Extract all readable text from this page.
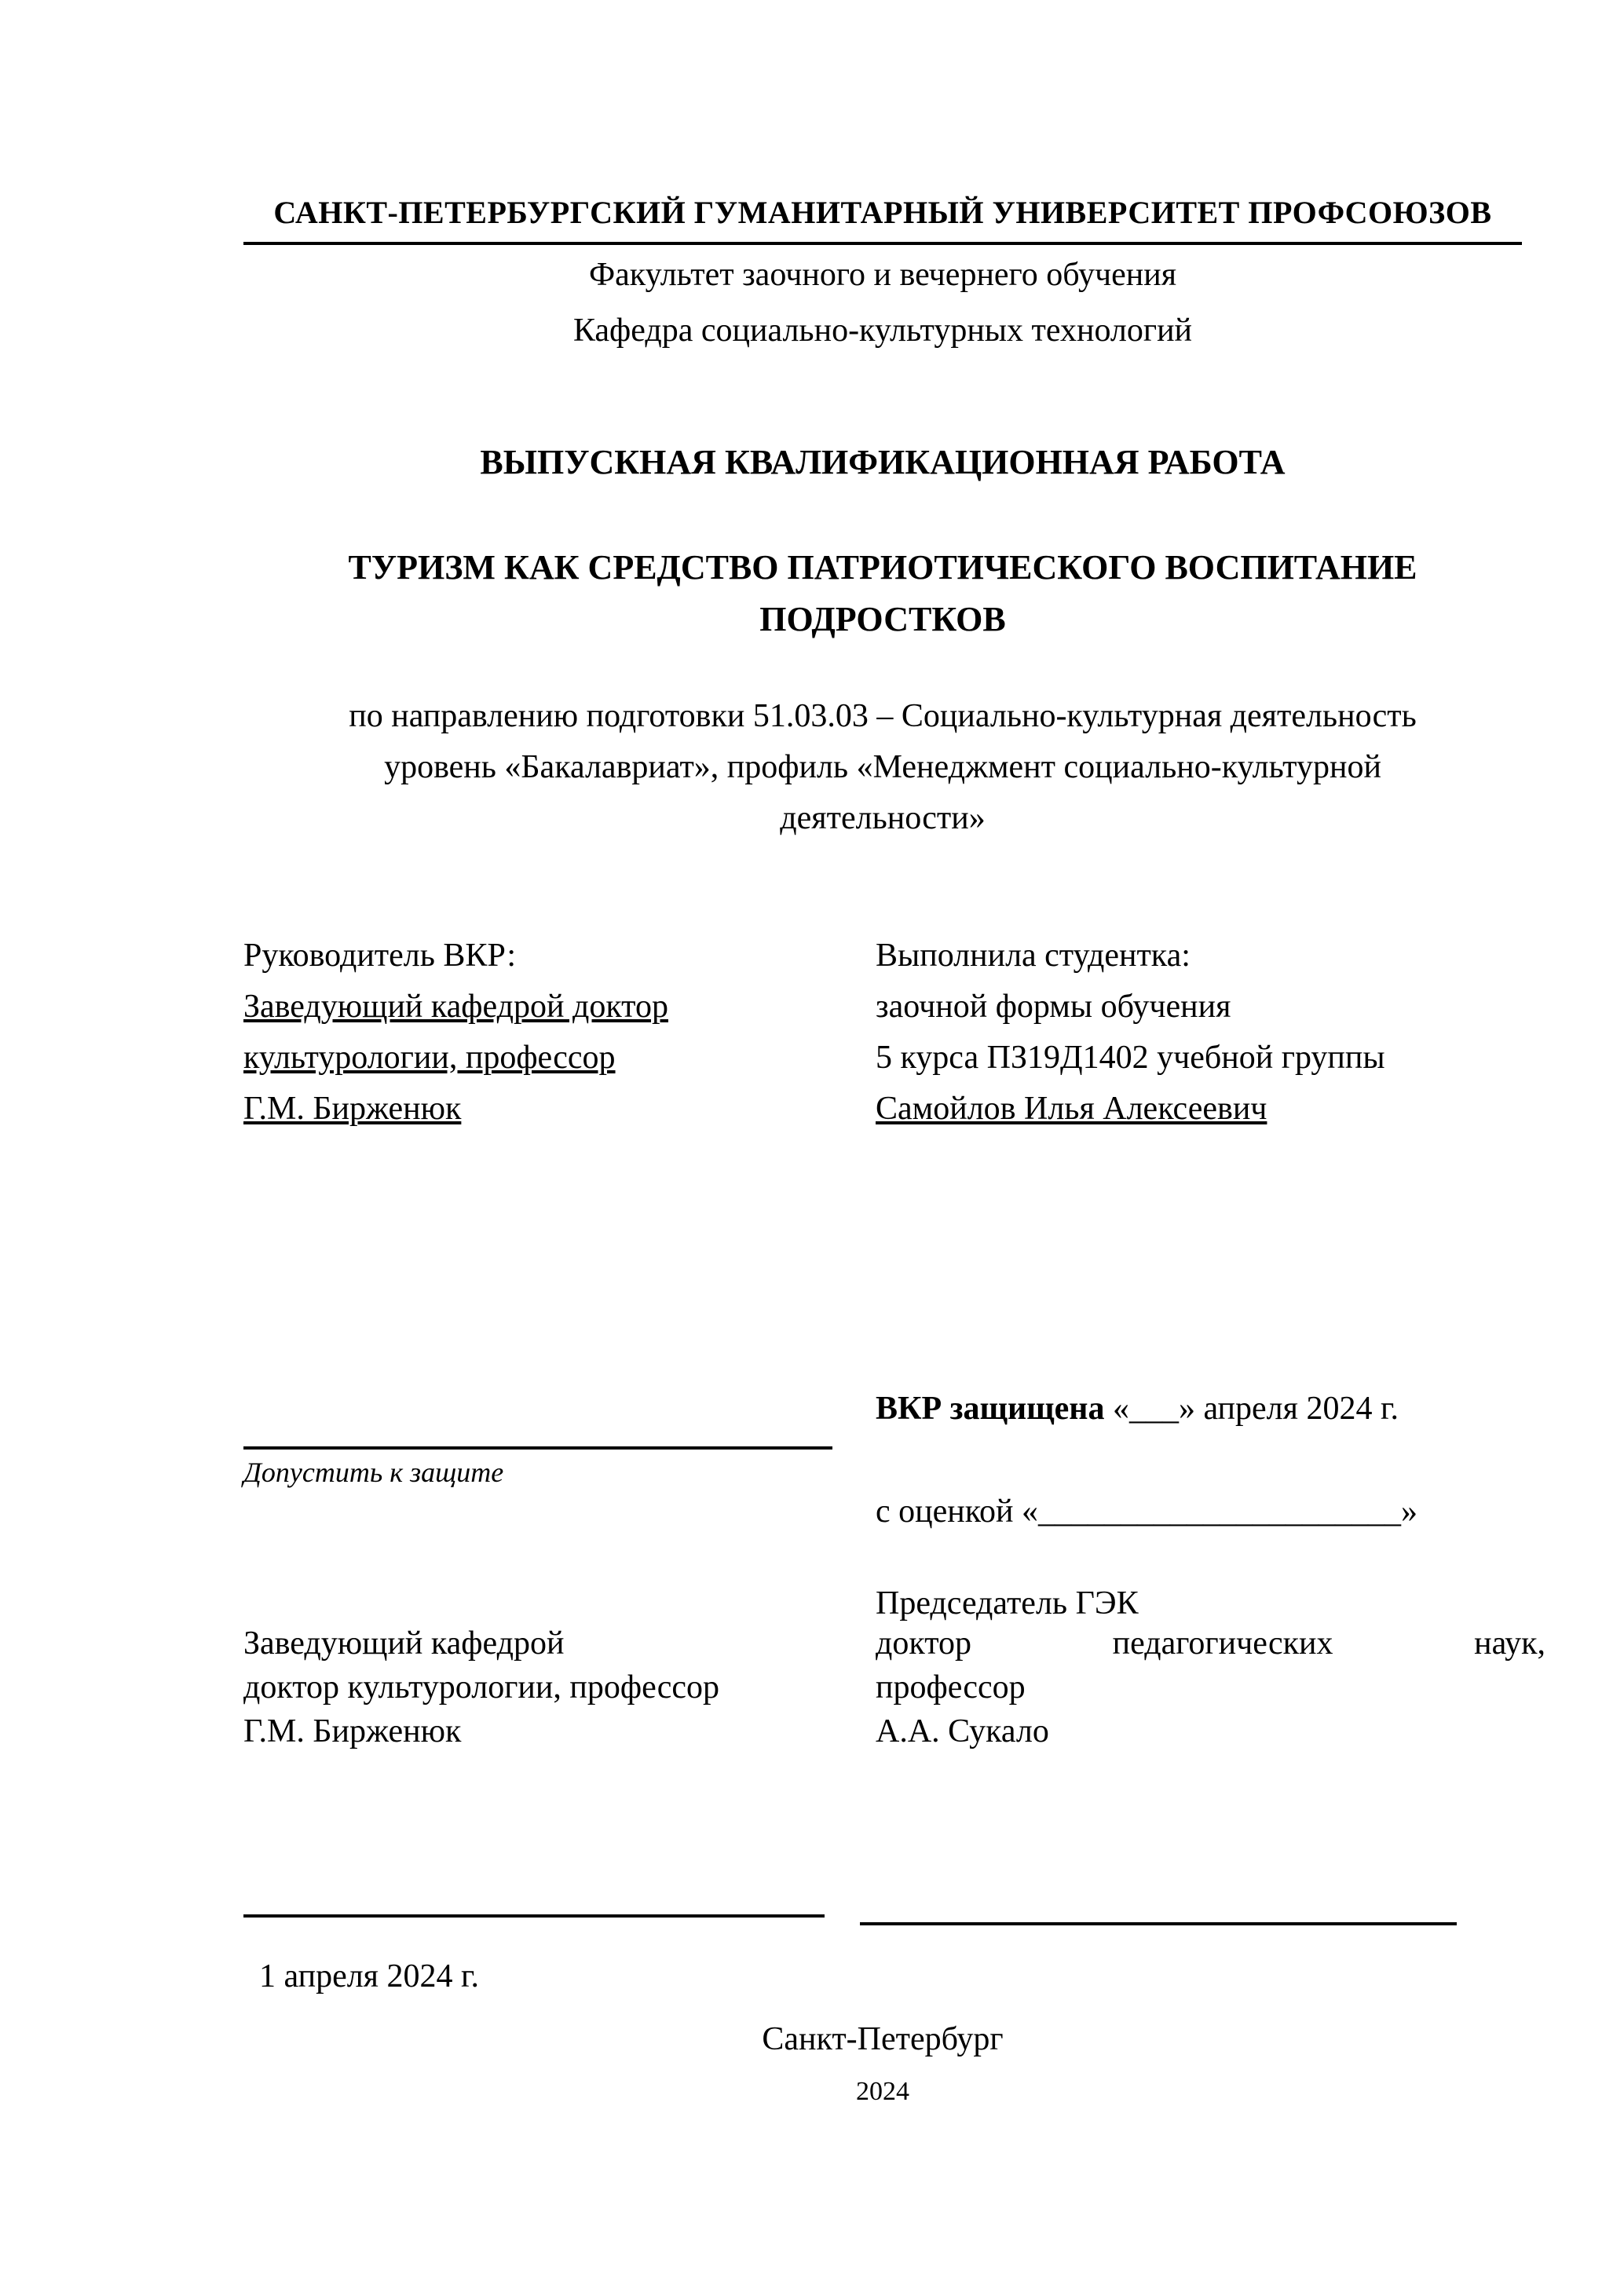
САНКТ-ПЕТЕРБУРГСКИЙ ГУМАНИТАРНЫЙ УНИВЕРСИТЕТ ПРОФСОЮЗОВ
Факультет заочного и вечернего обучения
Кафедра социально-культурных технологий
ВЫПУСКНАЯ КВАЛИФИКАЦИОННАЯ РАБОТА
ТУРИЗМ КАК СРЕДСТВО ПАТРИОТИЧЕСКОГО ВОСПИТАНИЕ
ПОДРОСТКОВ
по направлению подготовки 51.03.03 – Социально-культурная деятельность
уровень «Бакалавриат», профиль «Менеджмент социально-культурной
деятельности»
Руководитель ВКР:
Заведующий кафедрой доктор
культурологии, профессор
Г.М. Бирженюк
Выполнила студентка:
заочной формы обучения
5 курса ПЗ19Д1402 учебной группы
Самойлов Илья Алексеевич
ВКР защищена «___» апреля 2024 г.
Допустить к защите
с оценкой «______________________»
Председатель ГЭК
Заведующий кафедрой
доктор культурологии, профессор
Г.М. Бирженюк
доктор	педагогических	наук,
профессор
А.А. Сукало
1 апреля 2024 г.
Санкт-Петербург
2024
